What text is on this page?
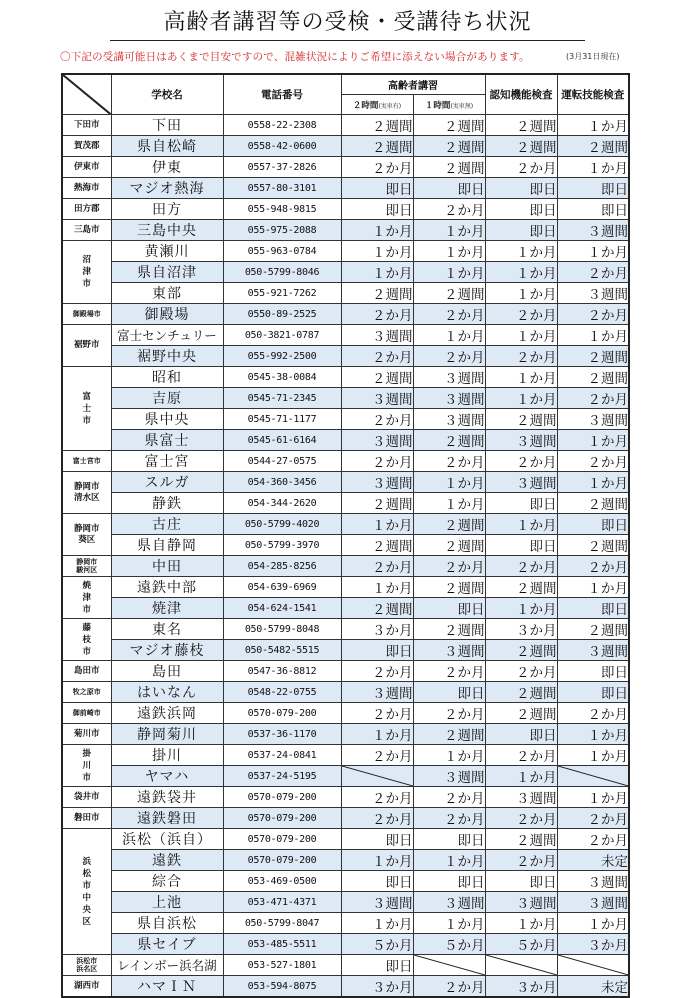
高齢者講習等の受検・受講待ち状況
〇下記の受講可能日はあくまで目安ですので、混雑状況によりご希望に添えない場合があります。	(3月31日現在)
	学校名	電話番号	高齢者講習		認知機能検査	運転技能検査
			２時間(実車有)	１時間(実車無)		
下田市	下田	0558-22-2308	２週間	２週間	２週間	１か月
賀茂郡	県自松崎	0558-42-0600	２週間	２週間	２週間	２週間
伊東市	伊東	0557-37-2826	２か月	２週間	２か月	１か月
熱海市	マジオ熱海	0557-80-3101	即日	即日	即日	即日
田方郡	田方	055-948-9815	即日	２か月	即日	即日
三島市	三島中央	055-975-2088	１か月	１か月	即日	３週間
沼
津
市	黄瀬川	055-963-0784	１か月	１か月	１か月	１か月
	県自沼津	050-5799-8046	１か月	１か月	１か月	２か月
	東部	055-921-7262	２週間	２週間	１か月	３週間
御殿場市	御殿場	0550-89-2525	２か月	２か月	２か月	２か月
裾野市	富士センチュリー	050-3821-0787	３週間	１か月	１か月	１か月
	裾野中央	055-992-2500	２か月	２か月	２か月	２週間
富
士
市	昭和	0545-38-0084	２週間	３週間	１か月	２週間
	吉原	0545-71-2345	３週間	３週間	１か月	２か月
	県中央	0545-71-1177	２か月	３週間	２週間	３週間
	県富士	0545-61-6164	３週間	２週間	３週間	１か月
富士宮市	富士宮	0544-27-0575	２か月	２か月	２か月	２か月
静岡市
清水区	スルガ	054-360-3456	３週間	１か月	３週間	１か月
	静鉄	054-344-2620	２週間	１か月	即日	２週間
静岡市
葵区	古庄	050-5799-4020	１か月	２週間	１か月	即日
	県自静岡	050-5799-3970	２週間	２週間	即日	２週間
静岡市
駿河区	中田	054-285-8256	２か月	２か月	２か月	２か月
焼
津
市	遠鉄中部	054-639-6969	１か月	２週間	２週間	１か月
	焼津	054-624-1541	２週間	即日	１か月	即日
藤
枝
市	東名	050-5799-8048	３か月	２週間	３か月	２週間
	マジオ藤枝	050-5482-5515	即日	３週間	２週間	３週間
島田市	島田	0547-36-8812	２か月	２か月	２か月	即日
牧之原市	はいなん	0548-22-0755	３週間	即日	２週間	即日
御前崎市	遠鉄浜岡	0570-079-200	２か月	２か月	２週間	２か月
菊川市	静岡菊川	0537-36-1170	１か月	２週間	即日	１か月
掛
川
市	掛川	0537-24-0841	２か月	１か月	２か月	１か月
	ヤマハ	0537-24-5195		３週間	１か月	

袋井市	遠鉄袋井	0570-079-200	２か月	２か月	３週間	１か月
磐田市	遠鉄磐田	0570-079-200	２か月	２か月	２か月	２か月
浜
松
市
中
央
区	浜松（浜自）	0570-079-200	即日	即日	２週間	２か月
	遠鉄	0570-079-200	１か月	１か月	２か月	未定
	綜合	053-469-0500	即日	即日	即日	３週間
	上池	053-471-4371	３週間	３週間	３週間	３週間
	県自浜松	050-5799-8047	１か月	１か月	１か月	１か月
	県セイブ	053-485-5511	５か月	５か月	５か月	３か月
浜松市
浜名区	レインボー浜名湖	053-527-1801	即日	

湖西市	ハマＩＮ	053-594-8075	３か月	２か月	３か月	未定
